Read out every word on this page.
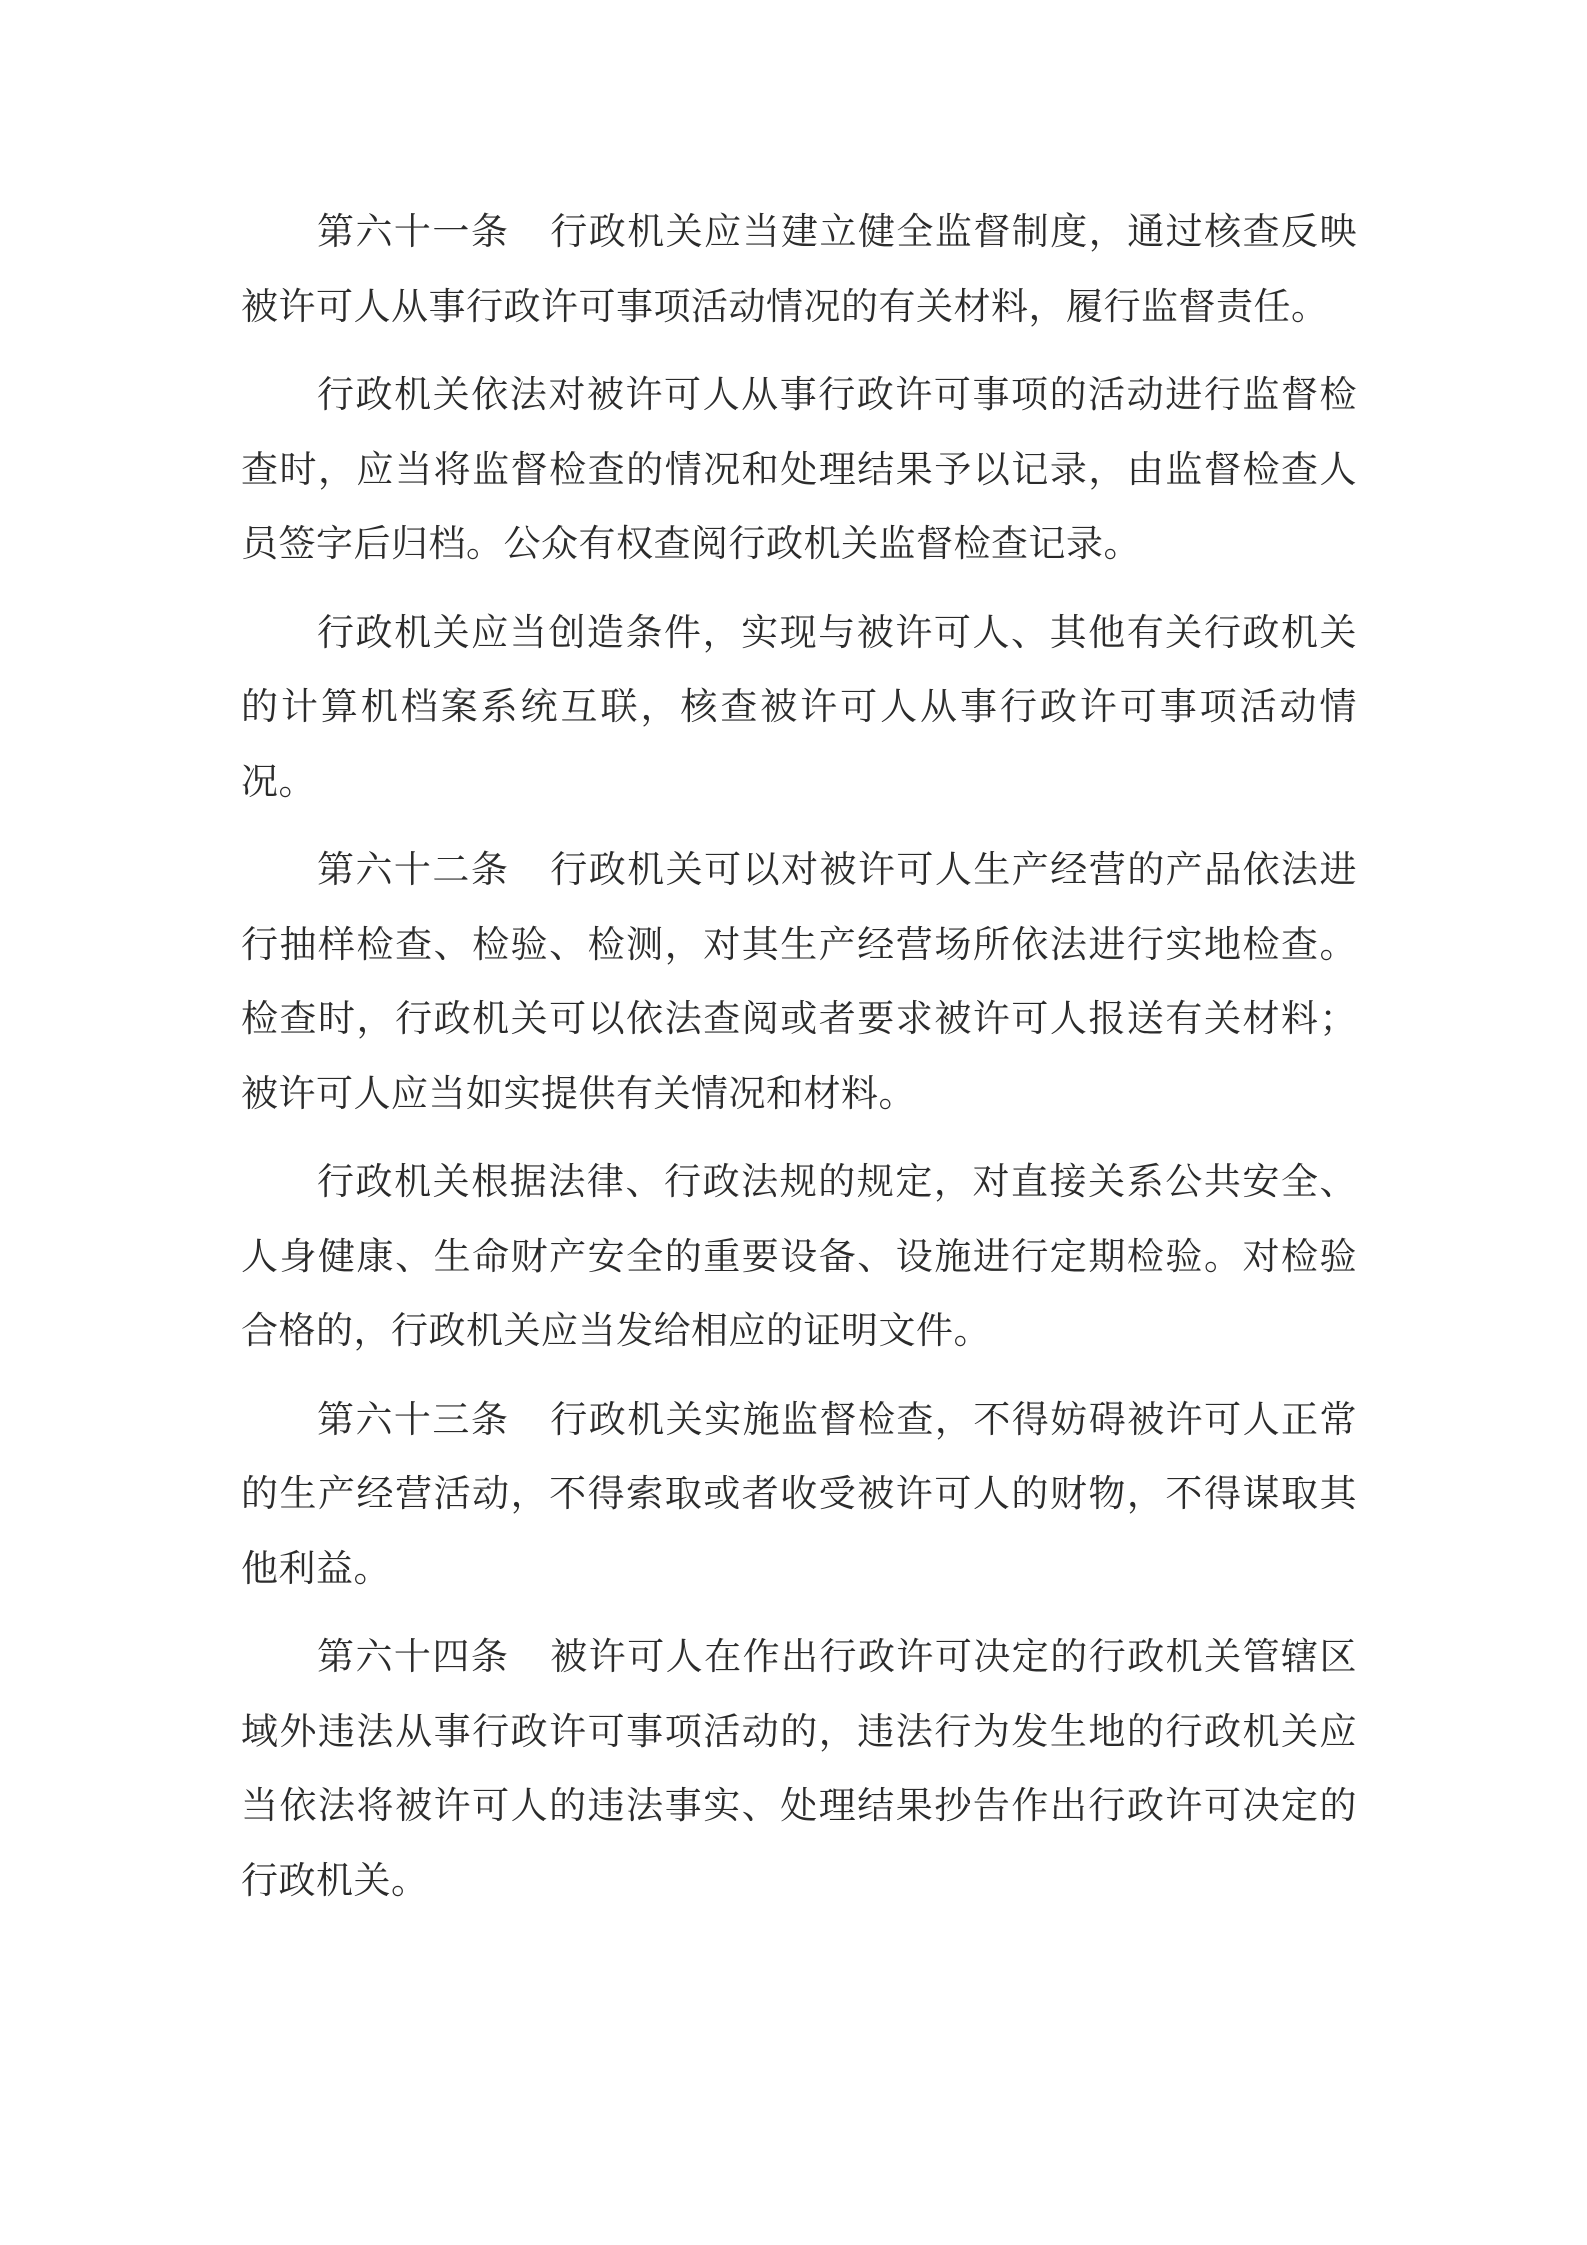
第六十一条 行政机关应当建立健全监督制度，通过核查反映被许可人从事行政许可事项活动情况的有关材料，履行监督责任。

行政机关依法对被许可人从事行政许可事项的活动进行监督检查时，应当将监督检查的情况和处理结果予以记录，由监督检查人员签字后归档。公众有权查阅行政机关监督检查记录。

行政机关应当创造条件，实现与被许可人、其他有关行政机关的计算机档案系统互联，核查被许可人从事行政许可事项活动情况。

第六十二条 行政机关可以对被许可人生产经营的产品依法进行抽样检查、检验、检测，对其生产经营场所依法进行实地检查。检查时，行政机关可以依法查阅或者要求被许可人报送有关材料；被许可人应当如实提供有关情况和材料。

行政机关根据法律、行政法规的规定，对直接关系公共安全、人身健康、生命财产安全的重要设备、设施进行定期检验。对检验合格的，行政机关应当发给相应的证明文件。

第六十三条 行政机关实施监督检查，不得妨碍被许可人正常的生产经营活动，不得索取或者收受被许可人的财物，不得谋取其他利益。

第六十四条 被许可人在作出行政许可决定的行政机关管辖区域外违法从事行政许可事项活动的，违法行为发生地的行政机关应当依法将被许可人的违法事实、处理结果抄告作出行政许可决定的行政机关。
